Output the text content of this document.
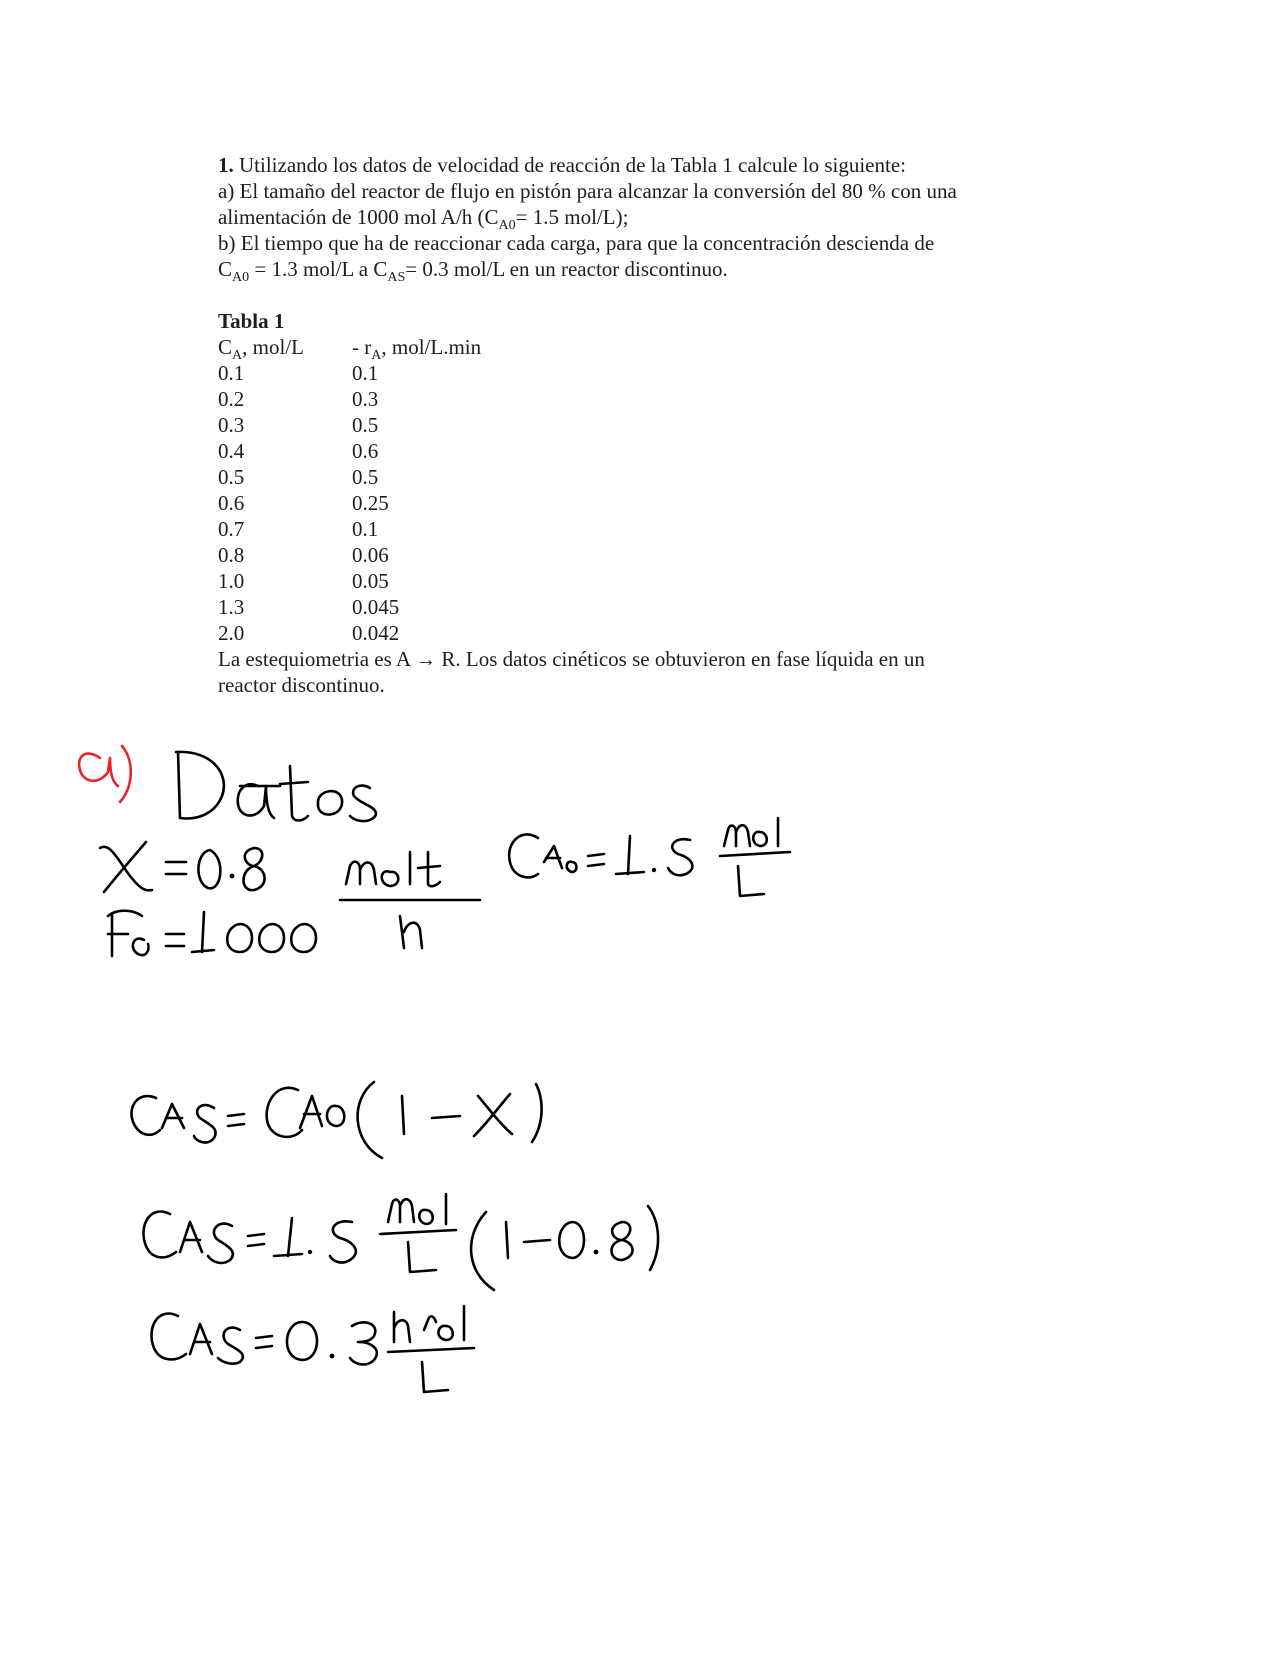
1. Utilizando los datos de velocidad de reacción de la Tabla 1 calcule lo siguiente:

a) El tamaño del reactor de flujo en pistón para alcanzar la conversión del 80 % con una

alimentación de 1000 mol A/h ($C_{A0}= 1.5$ mol/L);

b) El tiempo que ha de reaccionar cada carga, para que la concentración descienda de

$C_{A0} = 1.3$ mol/L a $C_{AS}= 0.3$ mol/L en un reactor discontinuo.

Tabla 1

$C_A$, mol/L	- $r_A$, mol/L.min
0.1	0.1
0.2	0.3
0.3	0.5
0.4	0.6
0.5	0.5
0.6	0.25
0.7	0.1
0.8	0.06
1.0	0.05
1.3	0.045
2.0	0.042

La estequiometria es A → R. Los datos cinéticos se obtuvieron en fase líquida en un

reactor discontinuo.
